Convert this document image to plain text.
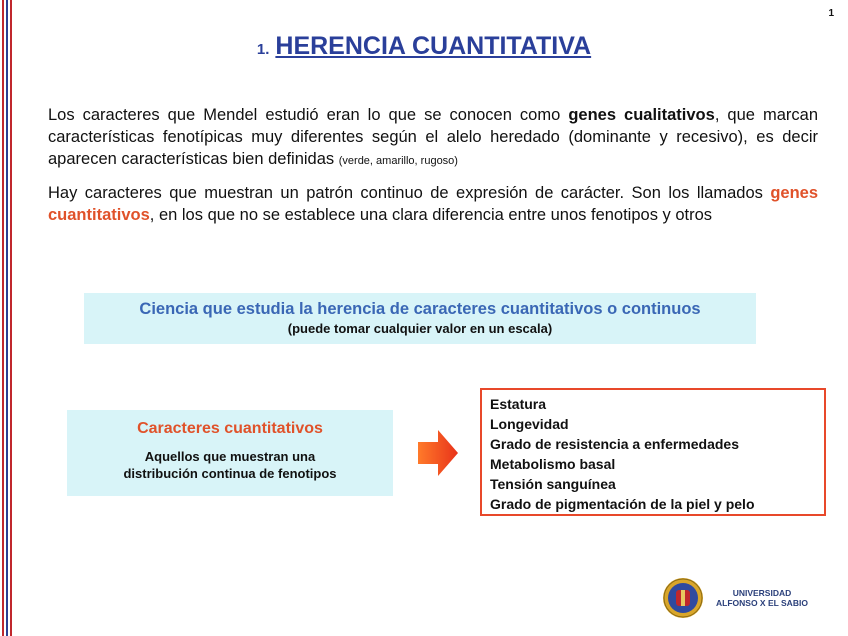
1
1. HERENCIA CUANTITATIVA
Los caracteres que Mendel estudió eran lo que se conocen como genes cualitativos, que marcan características fenotípicas muy diferentes según el alelo heredado (dominante y recesivo), es decir aparecen características bien definidas (verde, amarillo, rugoso)
Hay caracteres que muestran un patrón continuo de expresión de carácter. Son los llamados genes cuantitativos, en los que no se establece una clara diferencia entre unos fenotipos y otros
Ciencia que estudia la herencia de caracteres cuantitativos o continuos
(puede tomar cualquier valor en un escala)
Caracteres cuantitativos
Aquellos que muestran una
distribución continua de fenotipos
Estatura
Longevidad
Grado de resistencia a enfermedades
Metabolismo basal
Tensión sanguínea
Grado de pigmentación de la piel y pelo
UNIVERSIDAD
ALFONSO X EL SABIO
